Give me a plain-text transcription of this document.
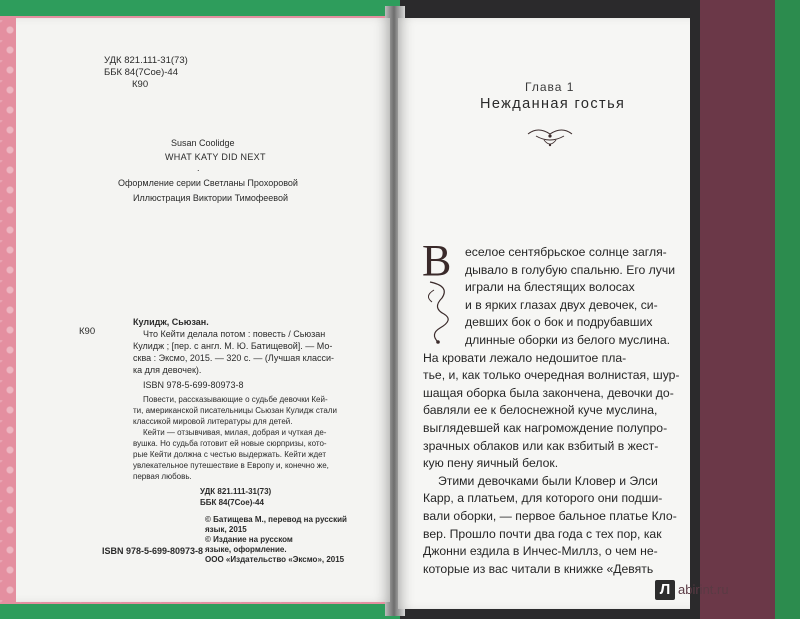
УДК 821.111-31(73)
ББК 84(7Сое)-44
К90
Susan Coolidge
WHAT KATY DID NEXT
.
Оформление серии Светланы Прохоровой
Иллюстрация Виктории Тимофеевой
К90
Кулидж, Сьюзан.
Что Кейти делала потом : повесть / Сьюзан
Кулидж ; [пер. с англ. М. Ю. Батищевой]. — Мо-
сква : Эксмо, 2015. — 320 с. — (Лучшая класси-
ка для девочек).
ISBN 978-5-699-80973-8
Повести, рассказывающие о судьбе девочки Кей-
ти, американской писательницы Сьюзан Кулидж стали
классикой мировой литературы для детей.
Кейти — отзывчивая, милая, добрая и чуткая де-
вушка. Но судьба готовит ей новые сюрпризы, кото-
рые Кейти должна с честью выдержать. Кейти ждет
увлекательное путешествие в Европу и, конечно же,
первая любовь.
УДК 821.111-31(73)
ББК 84(7Сое)-44
© Батищева М., перевод на русский
язык, 2015
© Издание на русском
языке, оформление.
ООО «Издательство «Эксмо», 2015
ISBN 978-5-699-80973-8
Глава 1
Нежданная гостья
В еселое сентябрьское солнце загля-
дывало в голубую спальню. Его лучи
играли на блестящих волосах
и в ярких глазах двух девочек, си-
девших бок о бок и подрубавших
длинные оборки из белого муслина.
На кровати лежало недошитое пла-
тье, и, как только очередная волнистая, шур-
шащая оборка была закончена, девочки до-
бавляли ее к белоснежной куче муслина,
выглядевшей как нагромождение полупро-
зрачных облаков или как взбитый в жест-
кую пену яичный белок.
Этими девочками были Кловер и Элси
Карр, а платьем, для которого они подши-
вали оборки, — первое бальное платье Кло-
вер. Прошло почти два года с тех пор, как
Джонни ездила в Инчес-Миллз, о чем не-
которые из вас читали в книжке «Девять
Л abirint.ru
